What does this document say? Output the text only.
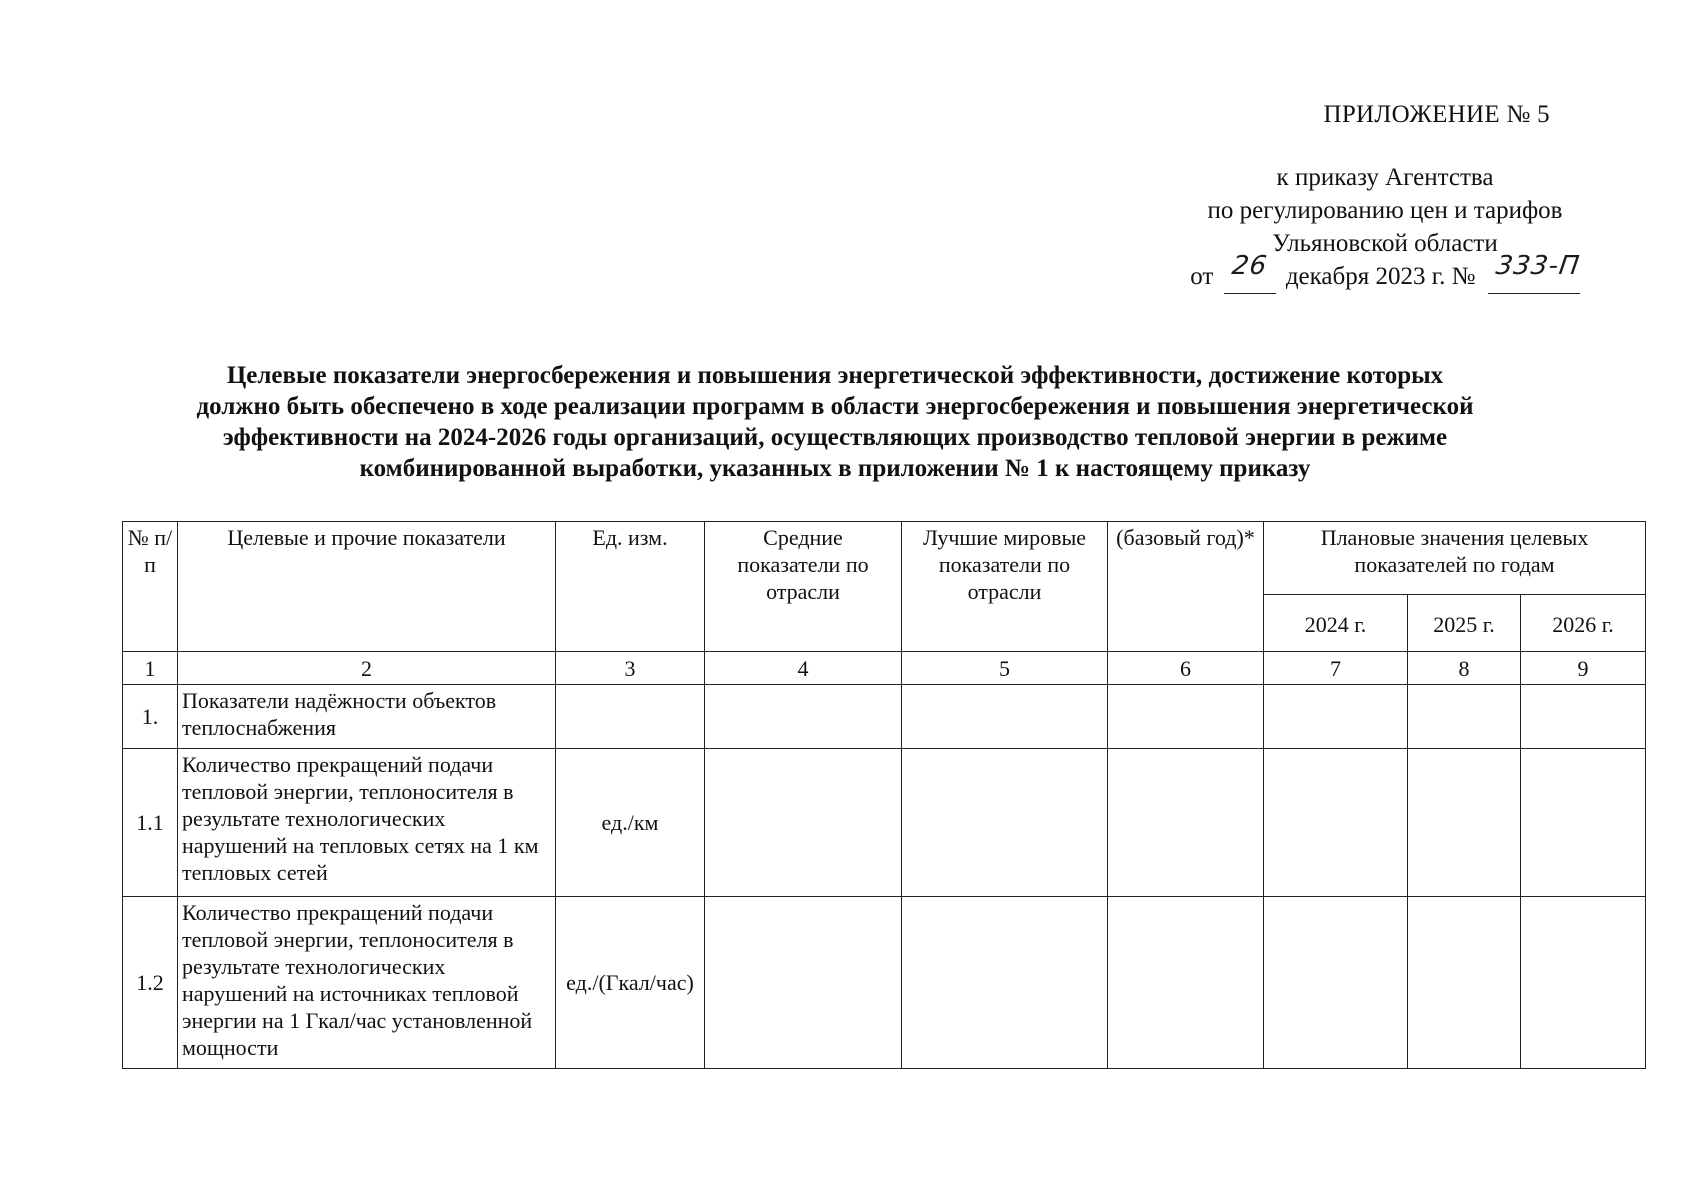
ПРИЛОЖЕНИЕ № 5
к приказу Агентства
по регулированию цен и тарифов
Ульяновской области
от 26 декабря 2023 г. № 333-П
Целевые показатели энергосбережения и повышения энергетической эффективности, достижение которых
должно быть обеспечено в ходе реализации программ в области энергосбережения и повышения энергетической
эффективности на 2024-2026 годы организаций, осуществляющих производство тепловой энергии в режиме
комбинированной выработки, указанных в приложении № 1 к настоящему приказу
№ п/п	Целевые и прочие показатели	Ед. изм.	Средние показатели по отрасли	Лучшие мировые показатели по отрасли	(базовый год)*	Плановые значения целевых показателей по годам		
						2024 г.	2025 г.	2026 г.
1	2	3	4	5	6	7	8	9
1.	Показатели надёжности объектов теплоснабжения							
1.1	Количество прекращений подачи тепловой энергии, теплоносителя в результате технологических нарушений на тепловых сетях на 1 км тепловых сетей	ед./км						
1.2	Количество прекращений подачи тепловой энергии, теплоносителя в результате технологических нарушений на источниках тепловой энергии на 1 Гкал/час установленной мощности	ед./(Гкал/час)						
